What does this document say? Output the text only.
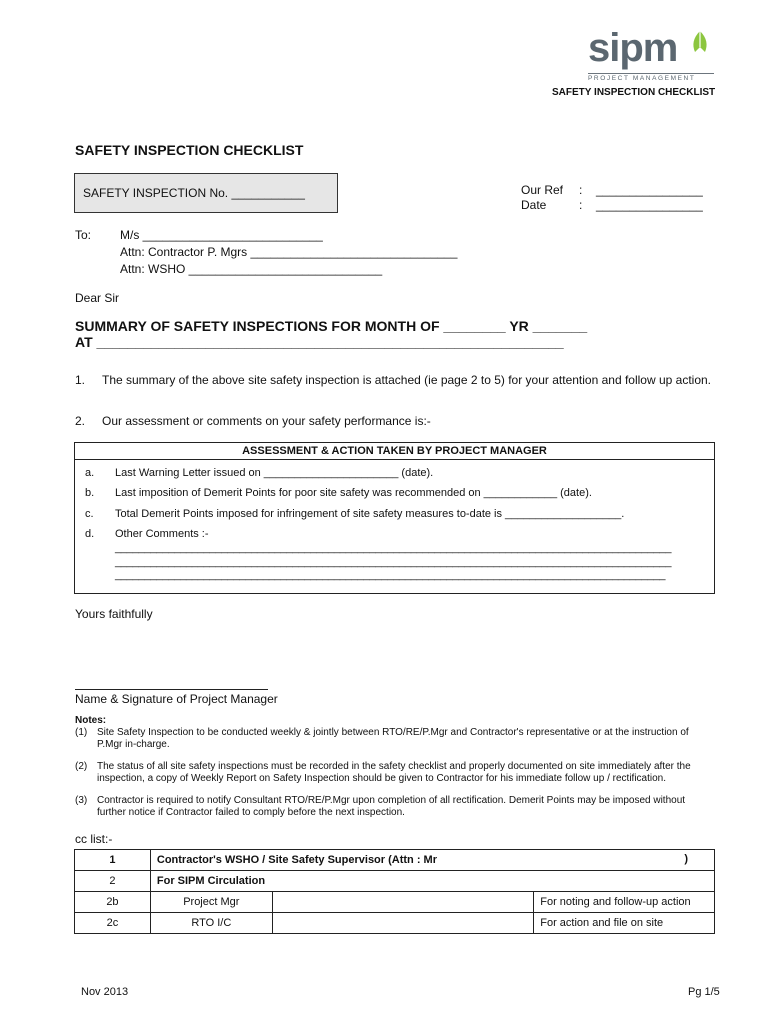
sipm
PROJECT MANAGEMENT
SAFETY INSPECTION CHECKLIST
SAFETY INSPECTION CHECKLIST
SAFETY INSPECTION No. ___________	Our Ref : ________________
Date	: ________________
To: M/s ___________________________
Attn: Contractor P. Mgrs _______________________________
Attn: WSHO _____________________________
Dear Sir
SUMMARY OF SAFETY INSPECTIONS FOR MONTH OF ________ YR _______
AT ____________________________________________________________
1. The summary of the above site safety inspection is attached (ie page 2 to 5) for your attention and follow up action.
2. Our assessment or comments on your safety performance is:-
ASSESSMENT & ACTION TAKEN BY PROJECT MANAGER
a. Last Warning Letter issued on ______________________ (date).
b. Last imposition of Demerit Points for poor site safety was recommended on ____________ (date).
c. Total Demerit Points imposed for infringement of site safety measures to-date is ___________________.
d. Other Comments :-
______________________________________________________________________________________________
______________________________________________________________________________________________
_____________________________________________________________________________________________
Yours faithfully
Name & Signature of Project Manager
Notes:
(1) Site Safety Inspection to be conducted weekly & jointly between RTO/RE/P.Mgr and Contractor's representative or at the instruction of
P.Mgr in-charge.
(2) The status of all site safety inspections must be recorded in the safety checklist and properly documented on site immediately after the
inspection, a copy of Weekly Report on Safety Inspection should be given to Contractor for his immediate follow up / rectification.
(3) Contractor is required to notify Consultant RTO/RE/P.Mgr upon completion of all rectification. Demerit Points may be imposed without
further notice if Contractor failed to comply before the next inspection.
cc list:-
1	Contractor's WSHO / Site Safety Supervisor (Attn : Mr )		

2	For SIPM Circulation		
2b	Project Mgr		For noting and follow-up action
2c	RTO I/C		For action and file on site
Nov 2013	Pg 1/5
